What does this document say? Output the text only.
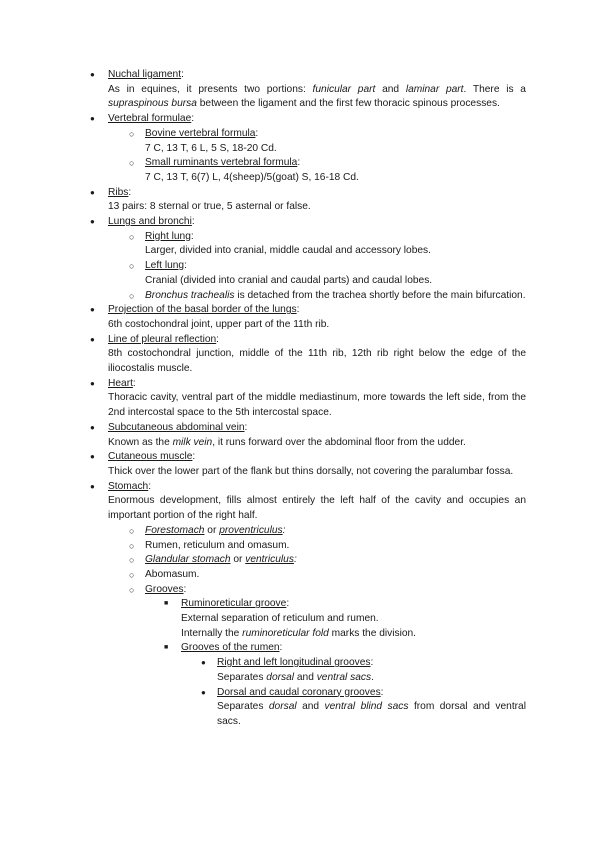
● Nuchal ligament:

As in equines, it presents two portions: funicular part and laminar part. There is a supraspinous bursa between the ligament and the first few thoracic spinous processes.

● Vertebral formulae:

○ Bovine vertebral formula:

7 C, 13 T, 6 L, 5 S, 18-20 Cd.

○ Small ruminants vertebral formula:

7 C, 13 T, 6(7) L, 4(sheep)/5(goat) S, 16-18 Cd.

● Ribs:

13 pairs: 8 sternal or true, 5 asternal or false.

● Lungs and bronchi:

○ Right lung:

Larger, divided into cranial, middle caudal and accessory lobes.

○ Left lung:

Cranial (divided into cranial and caudal parts) and caudal lobes.

○ Bronchus trachealis is detached from the trachea shortly before the main bifurcation.

● Projection of the basal border of the lungs:

6th costochondral joint, upper part of the 11th rib.

● Line of pleural reflection:

8th costochondral junction, middle of the 11th rib, 12th rib right below the edge of the iliocostalis muscle.

● Heart:

Thoracic cavity, ventral part of the middle mediastinum, more towards the left side, from the 2nd intercostal space to the 5th intercostal space.

● Subcutaneous abdominal vein:

Known as the milk vein, it runs forward over the abdominal floor from the udder.

● Cutaneous muscle:

Thick over the lower part of the flank but thins dorsally, not covering the paralumbar fossa.

● Stomach:

Enormous development, fills almost entirely the left half of the cavity and occupies an important portion of the right half.

○ Forestomach or proventriculus:

○ Rumen, reticulum and omasum.

○ Glandular stomach or ventriculus:

○ Abomasum.

○ Grooves:

■ Ruminoreticular groove:

External separation of reticulum and rumen.

Internally the ruminoreticular fold marks the division.

■ Grooves of the rumen:

● Right and left longitudinal grooves:

Separates dorsal and ventral sacs.

● Dorsal and caudal coronary grooves:

Separates dorsal and ventral blind sacs from dorsal and ventral sacs.
